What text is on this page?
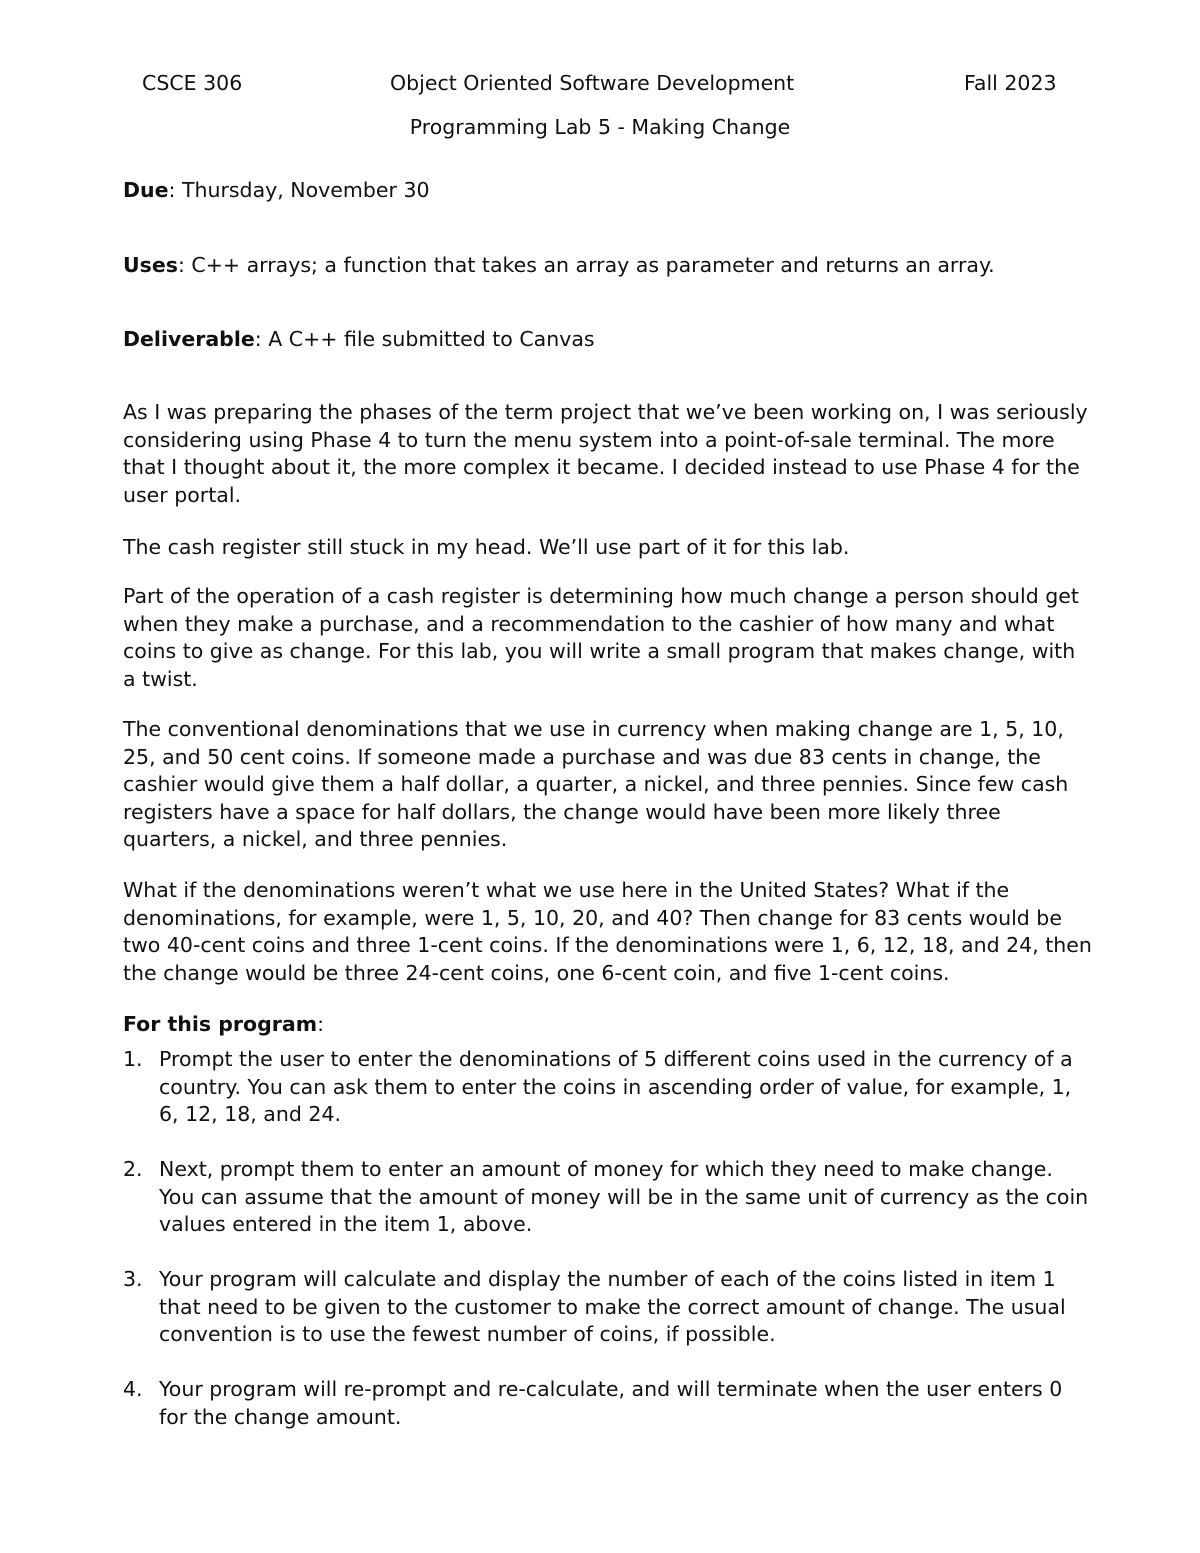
CSCE 306	Object Oriented Software Development	Fall 2023
Programming Lab 5 - Making Change
Due: Thursday, November 30
Uses: C++ arrays; a function that takes an array as parameter and returns an array.
Deliverable: A C++ file submitted to Canvas
As I was preparing the phases of the term project that we’ve been working on, I was seriously considering using Phase 4 to turn the menu system into a point-of-sale terminal. The more that I thought about it, the more complex it became. I decided instead to use Phase 4 for the user portal.
The cash register still stuck in my head. We’ll use part of it for this lab.
Part of the operation of a cash register is determining how much change a person should get when they make a purchase, and a recommendation to the cashier of how many and what coins to give as change. For this lab, you will write a small program that makes change, with a twist.
The conventional denominations that we use in currency when making change are 1, 5, 10, 25, and 50 cent coins. If someone made a purchase and was due 83 cents in change, the cashier would give them a half dollar, a quarter, a nickel, and three pennies. Since few cash registers have a space for half dollars, the change would have been more likely three quarters, a nickel, and three pennies.
What if the denominations weren’t what we use here in the United States? What if the denominations, for example, were 1, 5, 10, 20, and 40? Then change for 83 cents would be two 40-cent coins and three 1-cent coins. If the denominations were 1, 6, 12, 18, and 24, then the change would be three 24-cent coins, one 6-cent coin, and five 1-cent coins.
For this program:
1. Prompt the user to enter the denominations of 5 different coins used in the currency of a country. You can ask them to enter the coins in ascending order of value, for example, 1, 6, 12, 18, and 24.
2. Next, prompt them to enter an amount of money for which they need to make change. You can assume that the amount of money will be in the same unit of currency as the coin values entered in the item 1, above.
3. Your program will calculate and display the number of each of the coins listed in item 1 that need to be given to the customer to make the correct amount of change. The usual convention is to use the fewest number of coins, if possible.
4. Your program will re-prompt and re-calculate, and will terminate when the user enters 0 for the change amount.
